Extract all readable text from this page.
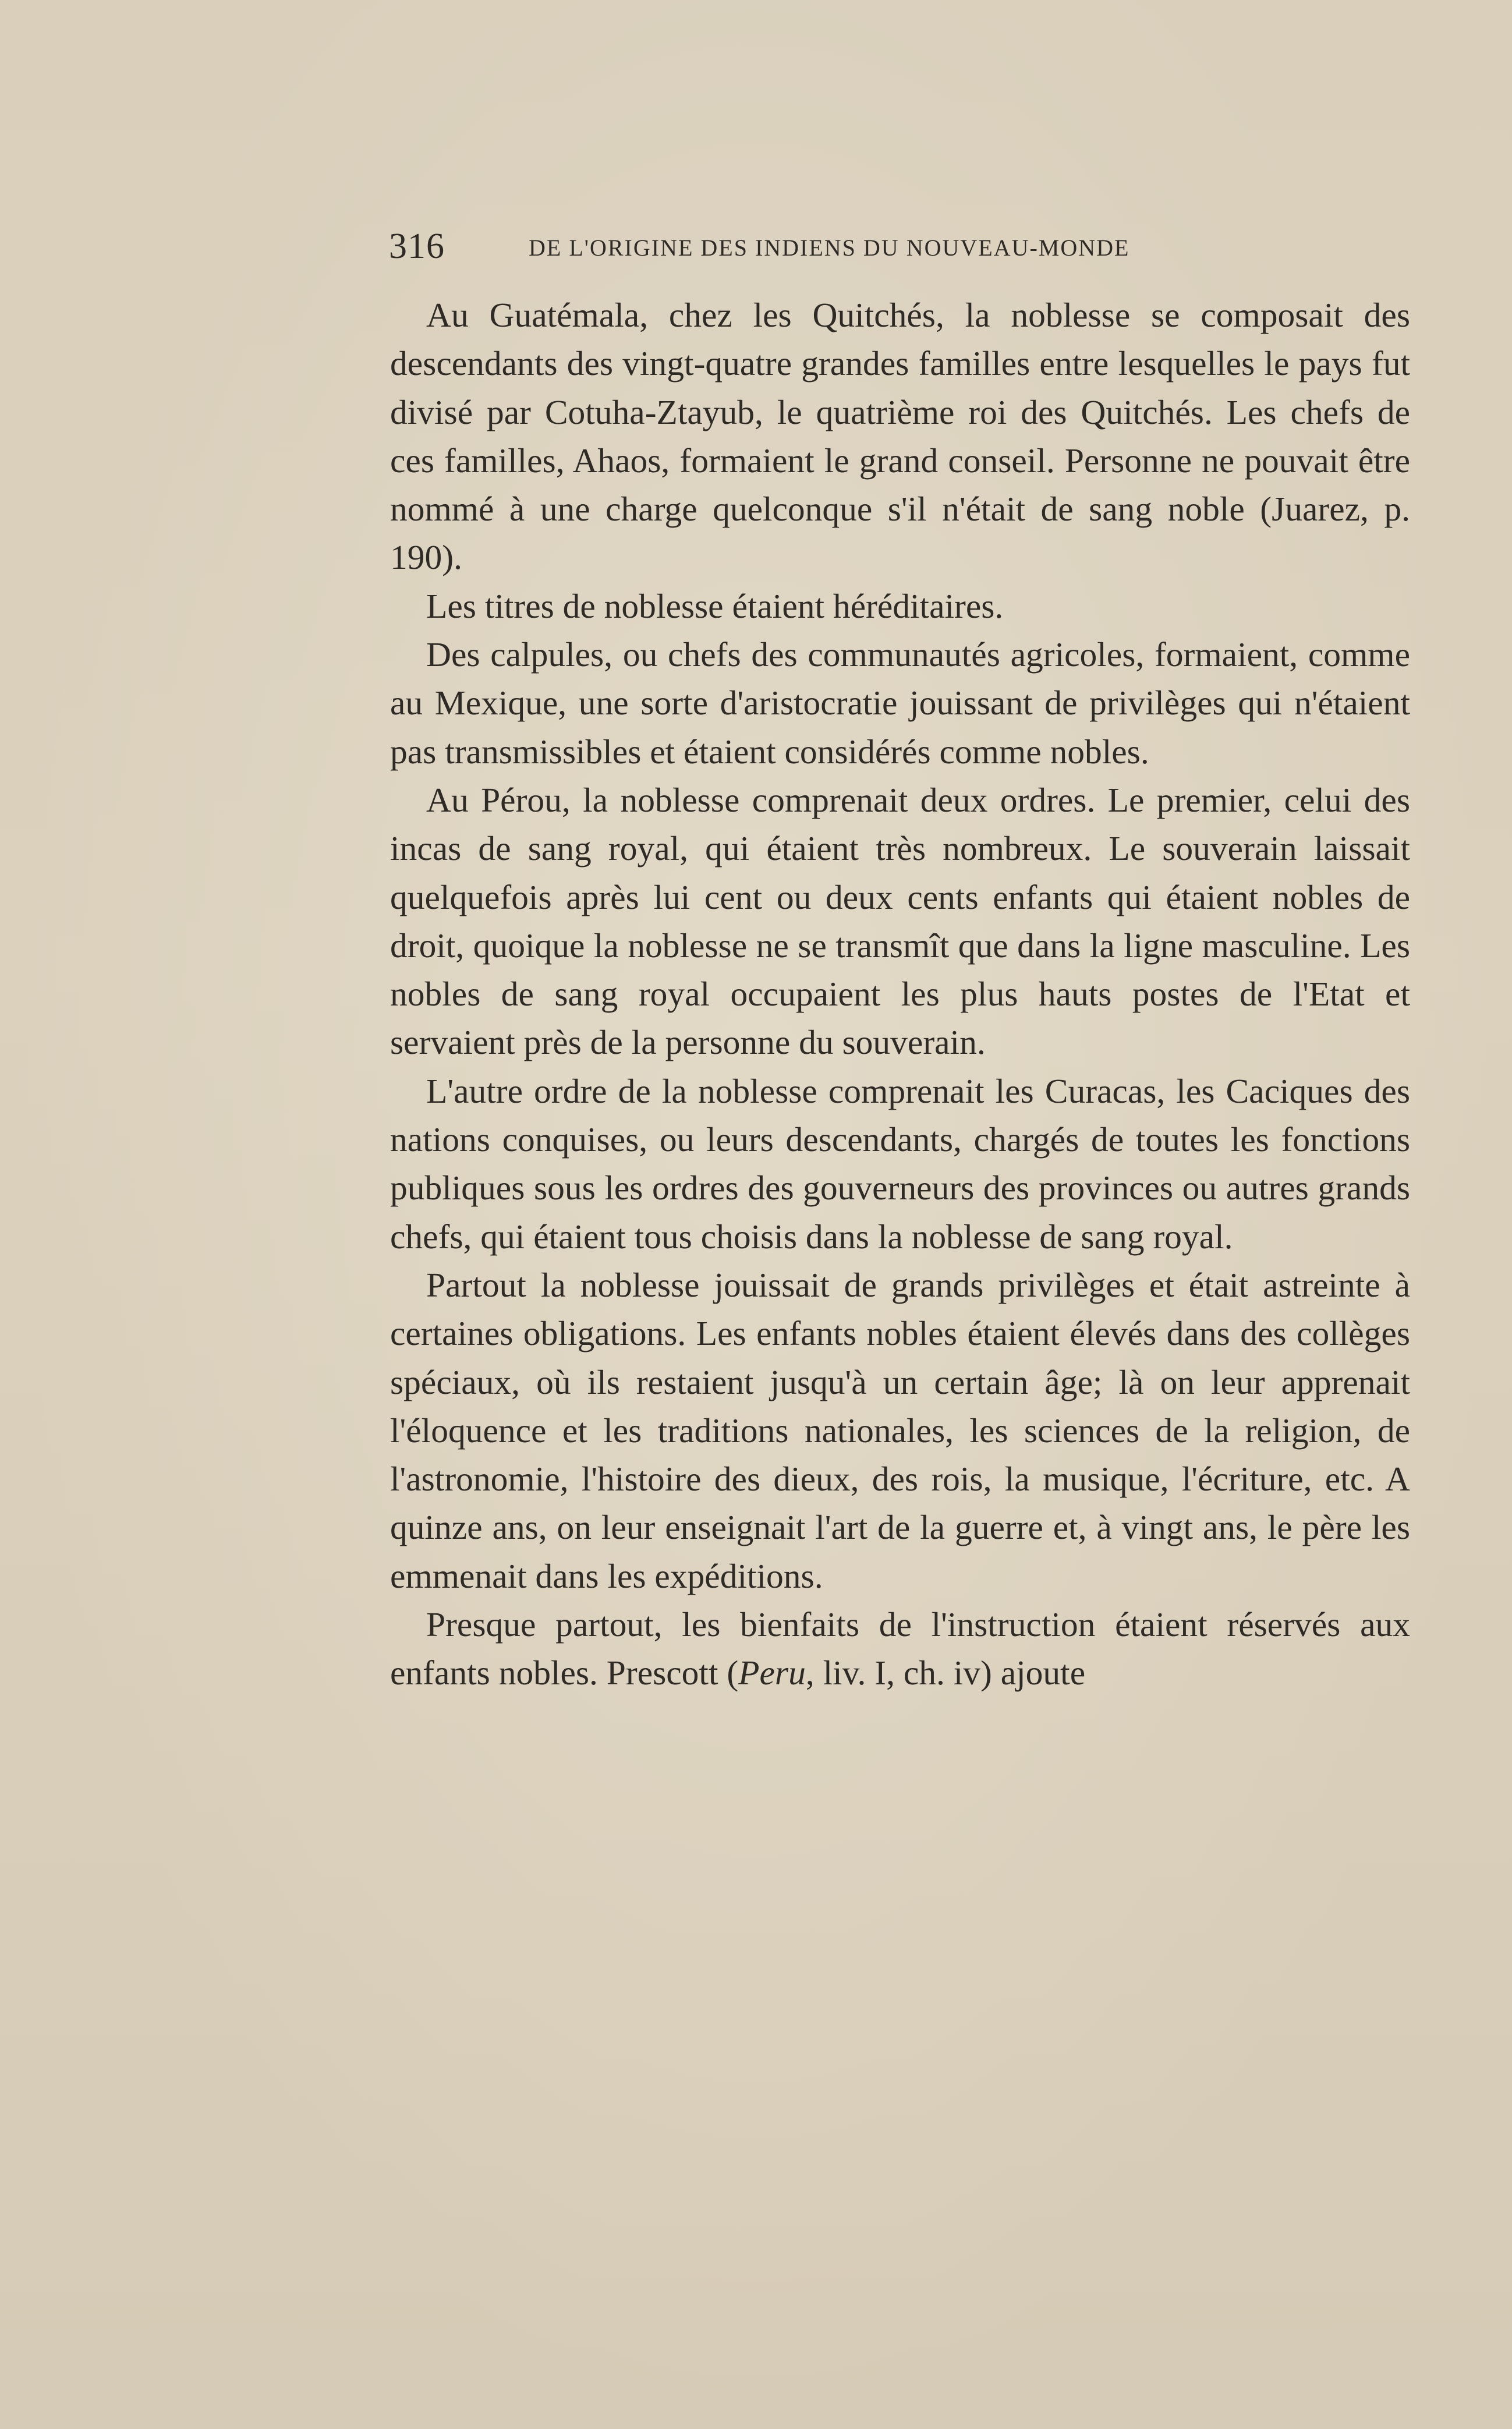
316	DE L'ORIGINE DES INDIENS DU NOUVEAU-MONDE

Au Guatémala, chez les Quitchés, la noblesse se composait des descendants des vingt-quatre grandes familles entre lesquelles le pays fut divisé par Cotuha-Ztayub, le quatrième roi des Quitchés. Les chefs de ces familles, Ahaos, formaient le grand conseil. Personne ne pouvait être nommé à une charge quelconque s'il n'était de sang noble (Juarez, p. 190).

Les titres de noblesse étaient héréditaires.

Des calpules, ou chefs des communautés agricoles, formaient, comme au Mexique, une sorte d'aristocratie jouissant de privilèges qui n'étaient pas transmissibles et étaient considérés comme nobles.

Au Pérou, la noblesse comprenait deux ordres. Le premier, celui des incas de sang royal, qui étaient très nombreux. Le souverain laissait quelquefois après lui cent ou deux cents enfants qui étaient nobles de droit, quoique la noblesse ne se transmît que dans la ligne masculine. Les nobles de sang royal occupaient les plus hauts postes de l'Etat et servaient près de la personne du souverain.

L'autre ordre de la noblesse comprenait les Curacas, les Caciques des nations conquises, ou leurs descendants, chargés de toutes les fonctions publiques sous les ordres des gouverneurs des provinces ou autres grands chefs, qui étaient tous choisis dans la noblesse de sang royal.

Partout la noblesse jouissait de grands privilèges et était astreinte à certaines obligations. Les enfants nobles étaient élevés dans des collèges spéciaux, où ils restaient jusqu'à un certain âge; là on leur apprenait l'éloquence et les traditions nationales, les sciences de la religion, de l'astronomie, l'histoire des dieux, des rois, la musique, l'écriture, etc. A quinze ans, on leur enseignait l'art de la guerre et, à vingt ans, le père les emmenait dans les expéditions.

Presque partout, les bienfaits de l'instruction étaient réservés aux enfants nobles. Prescott (Peru, liv. I, ch. iv) ajoute
